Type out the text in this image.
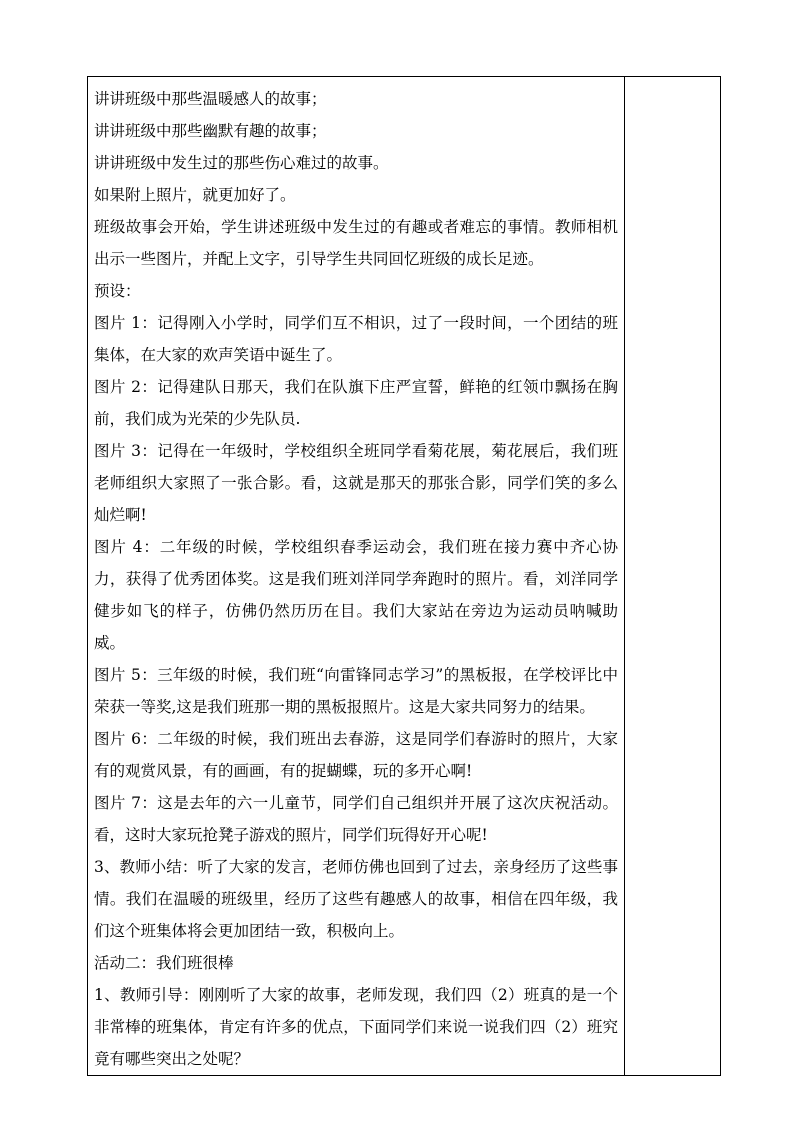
讲讲班级中那些温暖感人的故事；

讲讲班级中那些幽默有趣的故事；

讲讲班级中发生过的那些伤心难过的故事。

如果附上照片，就更加好了。

班级故事会开始，学生讲述班级中发生过的有趣或者难忘的事情。教师相机出示一些图片，并配上文字，引导学生共同回忆班级的成长足迹。

预设：

图片 1：记得刚入小学时，同学们互不相识，过了一段时间，一个团结的班集体，在大家的欢声笑语中诞生了。

图片 2：记得建队日那天，我们在队旗下庄严宣誓，鲜艳的红领巾飘扬在胸前，我们成为光荣的少先队员.

图片 3：记得在一年级时，学校组织全班同学看菊花展，菊花展后，我们班老师组织大家照了一张合影。看，这就是那天的那张合影，同学们笑的多么灿烂啊!

图片 4：二年级的时候，学校组织春季运动会，我们班在接力赛中齐心协力，获得了优秀团体奖。这是我们班刘洋同学奔跑时的照片。看，刘洋同学健步如飞的样子，仿佛仍然历历在目。我们大家站在旁边为运动员呐喊助威。

图片 5：三年级的时候，我们班“向雷锋同志学习”的黑板报，在学校评比中荣获一等奖,这是我们班那一期的黑板报照片。这是大家共同努力的结果。

图片 6：二年级的时候，我们班出去春游，这是同学们春游时的照片，大家有的观赏风景，有的画画，有的捉蝴蝶，玩的多开心啊!

图片 7：这是去年的六一儿童节，同学们自己组织并开展了这次庆祝活动。看，这时大家玩抢凳子游戏的照片，同学们玩得好开心呢!

3、教师小结：听了大家的发言，老师仿佛也回到了过去，亲身经历了这些事情。我们在温暖的班级里，经历了这些有趣感人的故事，相信在四年级，我们这个班集体将会更加团结一致，积极向上。

活动二：我们班很棒

1、教师引导：刚刚听了大家的故事，老师发现，我们四（2）班真的是一个非常棒的班集体，肯定有许多的优点，下面同学们来说一说我们四（2）班究竟有哪些突出之处呢？
